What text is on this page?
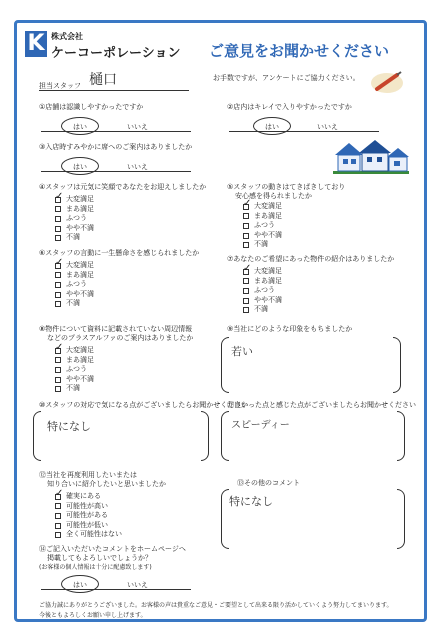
K 株式会社
ケーコーポレーション ご意見をお聞かせください
お手数ですが、アンケートにご協力ください。
担当スタッフ 樋口
①店舗は認識しやすかったですか
はい	いいえ
②店内はキレイで入りやすかったですか
はい	いいえ
③入店時すみやかに席へのご案内はありましたか
はい	いいえ
④スタッフは元気に笑顔であなたをお迎えしましたか
✓
大変満足
まあ満足
ふつう
やや不満
不満
⑤スタッフの動きはてきぱきしており
安心感を得られましたか
✓
大変満足
まあ満足
ふつう
やや不満
不満
⑥スタッフの言動に一生懸命さを感じられましたか
✓
大変満足
まあ満足
ふつう
やや不満
不満
⑦あなたのご希望にあった物件の紹介はありましたか
✓
大変満足
まあ満足
ふつう
やや不満
不満
⑧物件について資料に記載されていない周辺情報
などのプラスアルファのご案内はありましたか
✓
大変満足
まあ満足
ふつう
やや不満
不満
⑨当社にどのような印象をもちましたか
若い
⑩スタッフの対応で気になる点がございましたらお聞かせください
特になし
⑪良かった点と感じた点がございましたらお聞かせください
スピーディー
⑫当社を再度利用したいまたは
知り合いに紹介したいと思いましたか
✓
確実にある
可能性が高い
可能性がある
可能性が低い
全く可能性はない
⑬その他のコメント
特になし
⑭ご記入いただいたコメントをホームページへ
掲載してもよろしいでしょうか？
(お客様の個人情報は十分に配慮致します)
はい	いいえ
ご協力誠にありがとうございました。お客様の声は貴重なご意見・ご要望として出来る限り活かしていくよう努力してまいります。
今後ともよろしくお願い申し上げます。
